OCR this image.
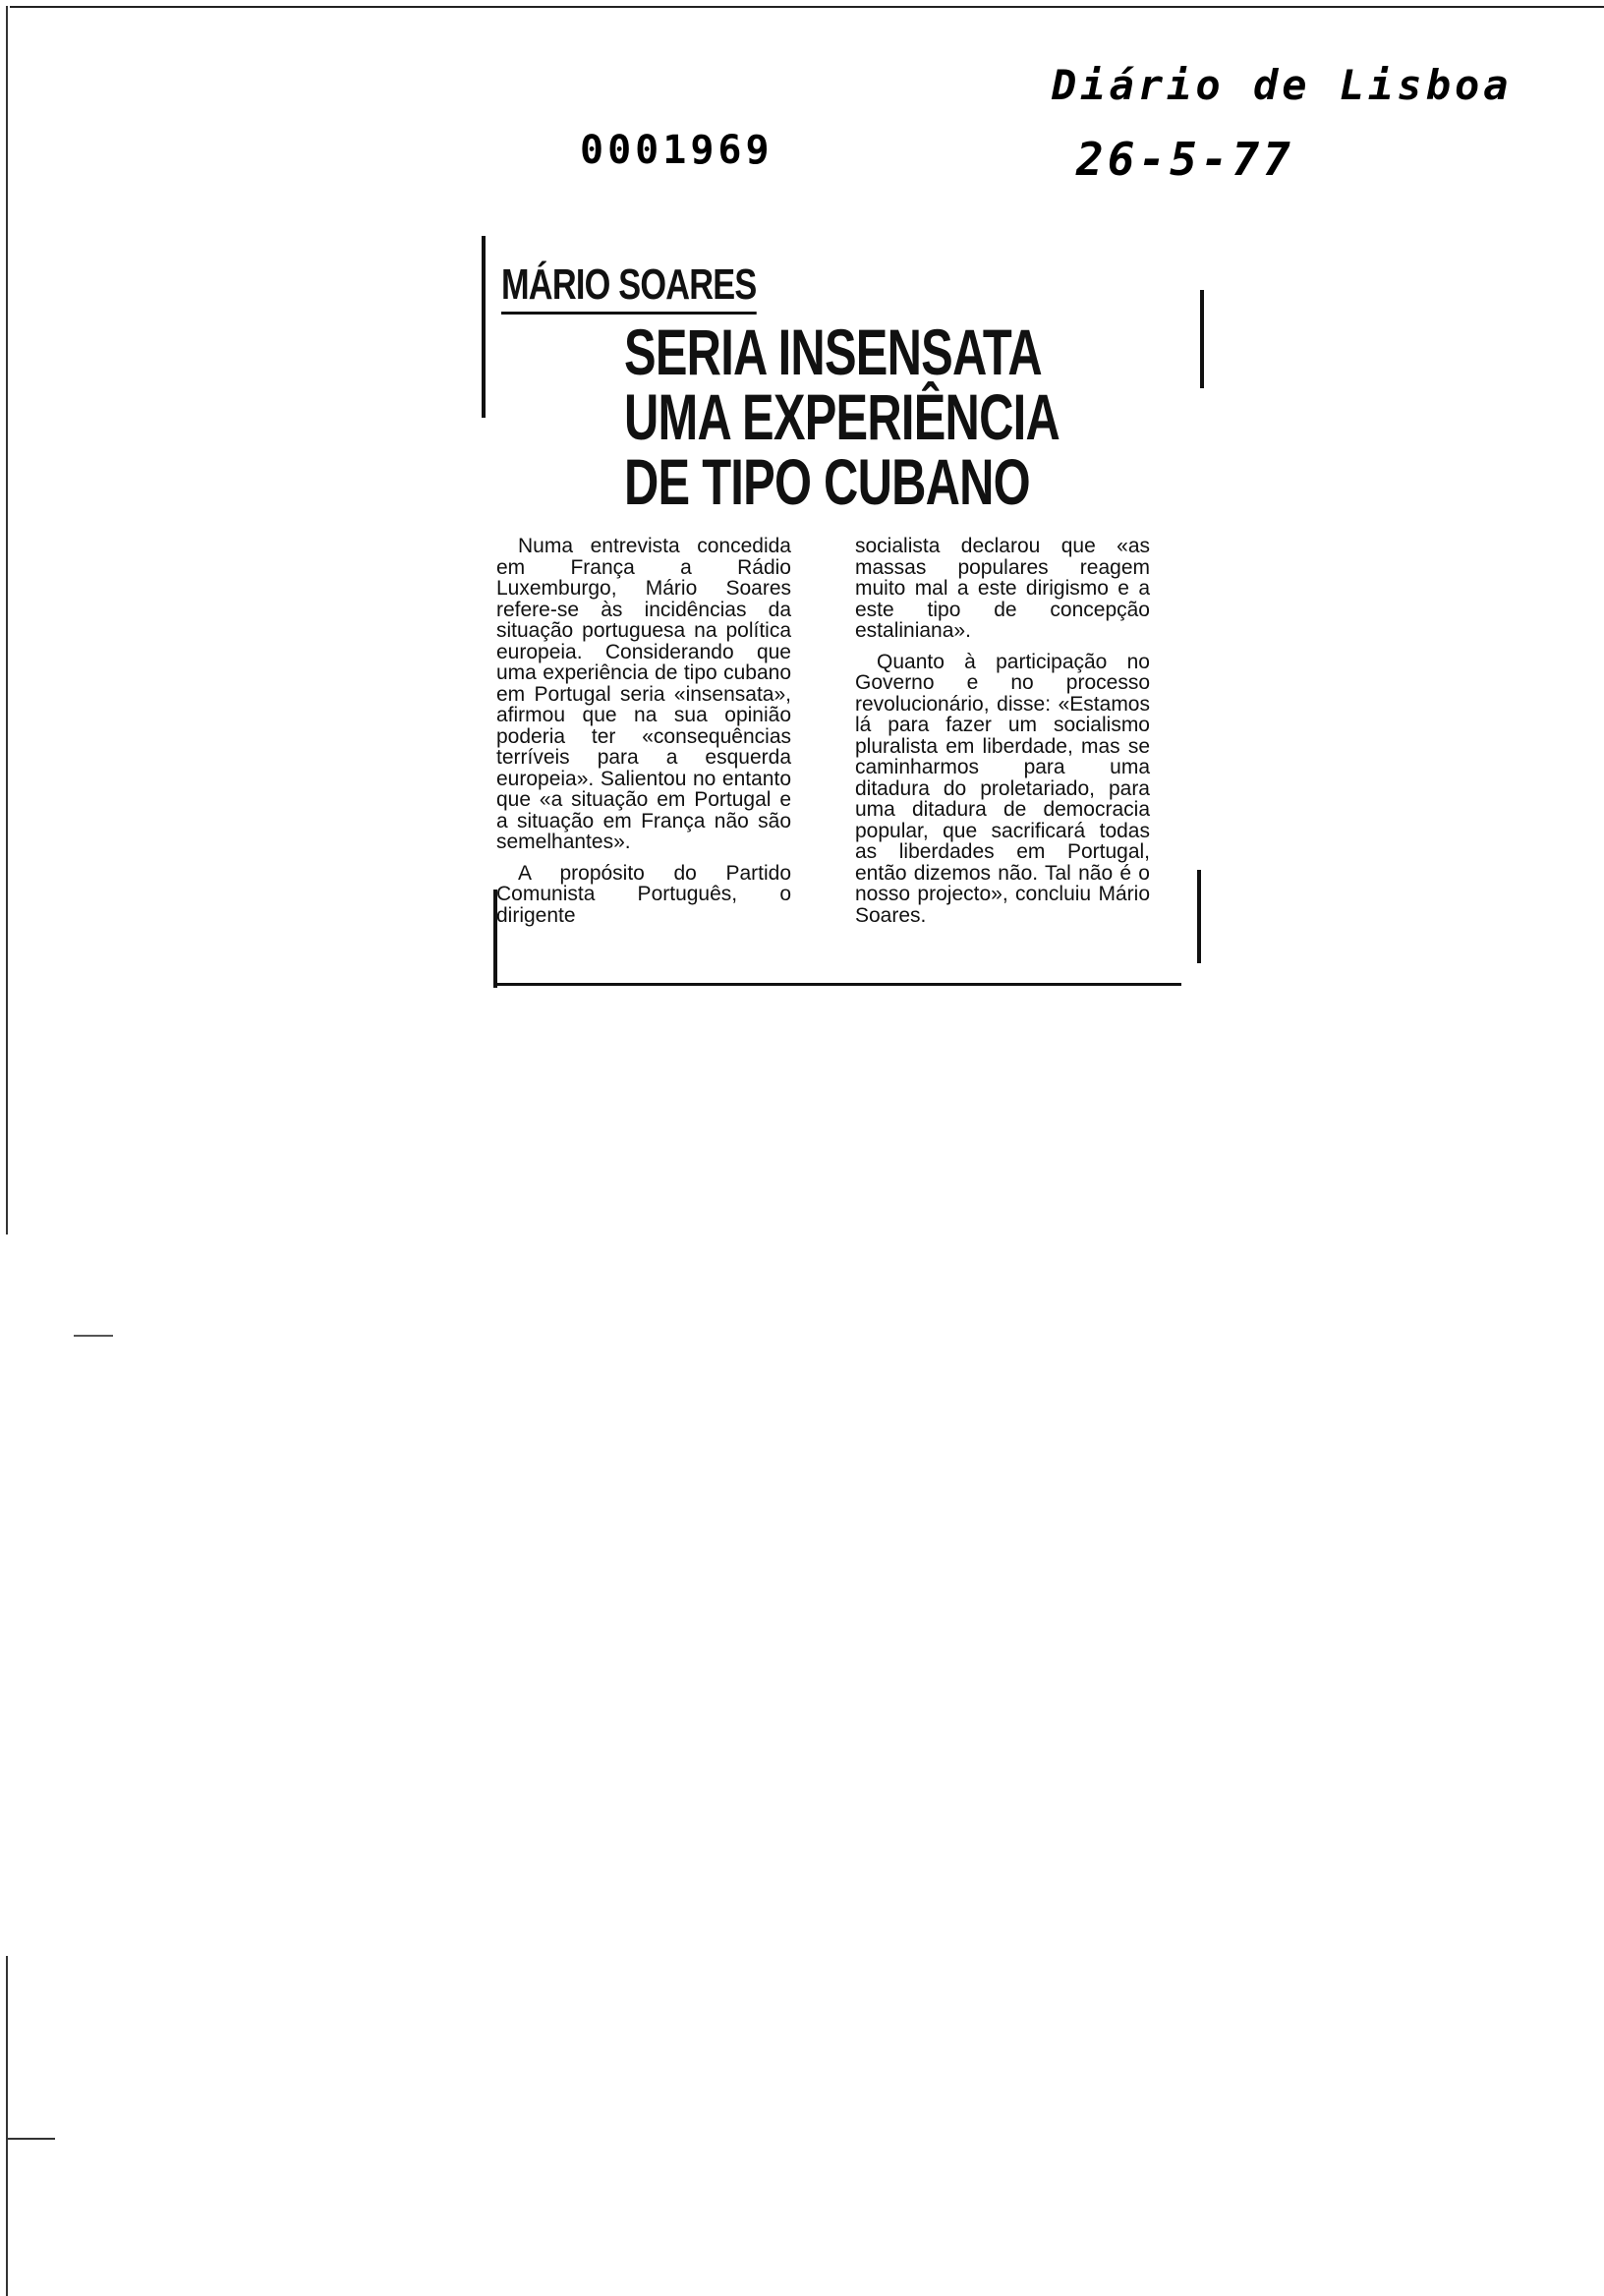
0001969
Diário de Lisboa
26-5-77
MÁRIO SOARES
SERIA INSENSATA
UMA EXPERIÊNCIA
DE TIPO CUBANO

Numa entrevista concedida em França a Rádio Luxemburgo, Mário Soares refere-se às incidências da situação portuguesa na política europeia. Considerando que uma experiência de tipo cubano em Portugal seria «insensata», afirmou que na sua opinião poderia ter «consequências terríveis para a esquerda europeia». Salientou no entanto que «a situação em Portugal e a situação em França não são semelhantes».

A propósito do Partido Comunista Português, o dirigente

socialista declarou que «as massas populares reagem muito mal a este dirigismo e a este tipo de concepção estaliniana».

Quanto à participação no Governo e no processo revolucionário, disse: «Estamos lá para fazer um socialismo pluralista em liberdade, mas se caminharmos para uma ditadura do proletariado, para uma ditadura de democracia popular, que sacrificará todas as liberdades em Portugal, então dizemos não. Tal não é o nosso projecto», concluiu Mário Soares.
